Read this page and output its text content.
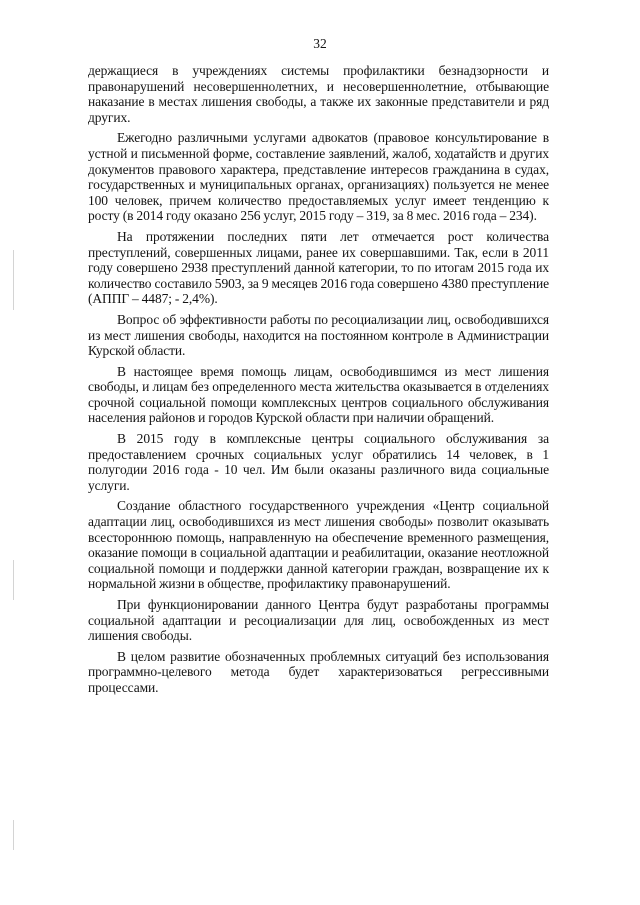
32

держащиеся в учреждениях системы профилактики безнадзорности и правонарушений несовершеннолетних, и несовершеннолетние, отбывающие наказание в местах лишения свободы, а также их законные представители и ряд других.

Ежегодно различными услугами адвокатов (правовое консультирование в устной и письменной форме, составление заявлений, жалоб, ходатайств и других документов правового характера, представление интересов гражданина в судах, государственных и муниципальных органах, организациях) пользуется не менее 100 человек, причем количество предоставляемых услуг имеет тенденцию к росту (в 2014 году оказано 256 услуг, 2015 году – 319, за 8 мес. 2016 года – 234).

На протяжении последних пяти лет отмечается рост количества преступлений, совершенных лицами, ранее их совершавшими. Так, если в 2011 году совершено 2938 преступлений данной категории, то по итогам 2015 года их количество составило 5903, за 9 месяцев 2016 года совершено 4380 преступление (АППГ – 4487; - 2,4%).

Вопрос об эффективности работы по ресоциализации лиц, освободившихся из мест лишения свободы, находится на постоянном контроле в Администрации Курской области.

В настоящее время помощь лицам, освободившимся из мест лишения свободы, и лицам без определенного места жительства оказывается в отделениях срочной социальной помощи комплексных центров социального обслуживания населения районов и городов Курской области при наличии обращений.

В 2015 году в комплексные центры социального обслуживания за предоставлением срочных социальных услуг обратились 14 человек, в 1 полугодии 2016 года - 10 чел. Им были оказаны различного вида социальные услуги.

Создание областного государственного учреждения «Центр социальной адаптации лиц, освободившихся из мест лишения свободы» позволит оказывать всестороннюю помощь, направленную на обеспечение временного размещения, оказание помощи в социальной адаптации и реабилитации, оказание неотложной социальной помощи и поддержки данной категории граждан, возвращение их к нормальной жизни в обществе, профилактику правонарушений.

При функционировании данного Центра будут разработаны программы социальной адаптации и ресоциализации для лиц, освобожденных из мест лишения свободы.

В целом развитие обозначенных проблемных ситуаций без использования программно-целевого метода будет характеризоваться регрессивными процессами.
